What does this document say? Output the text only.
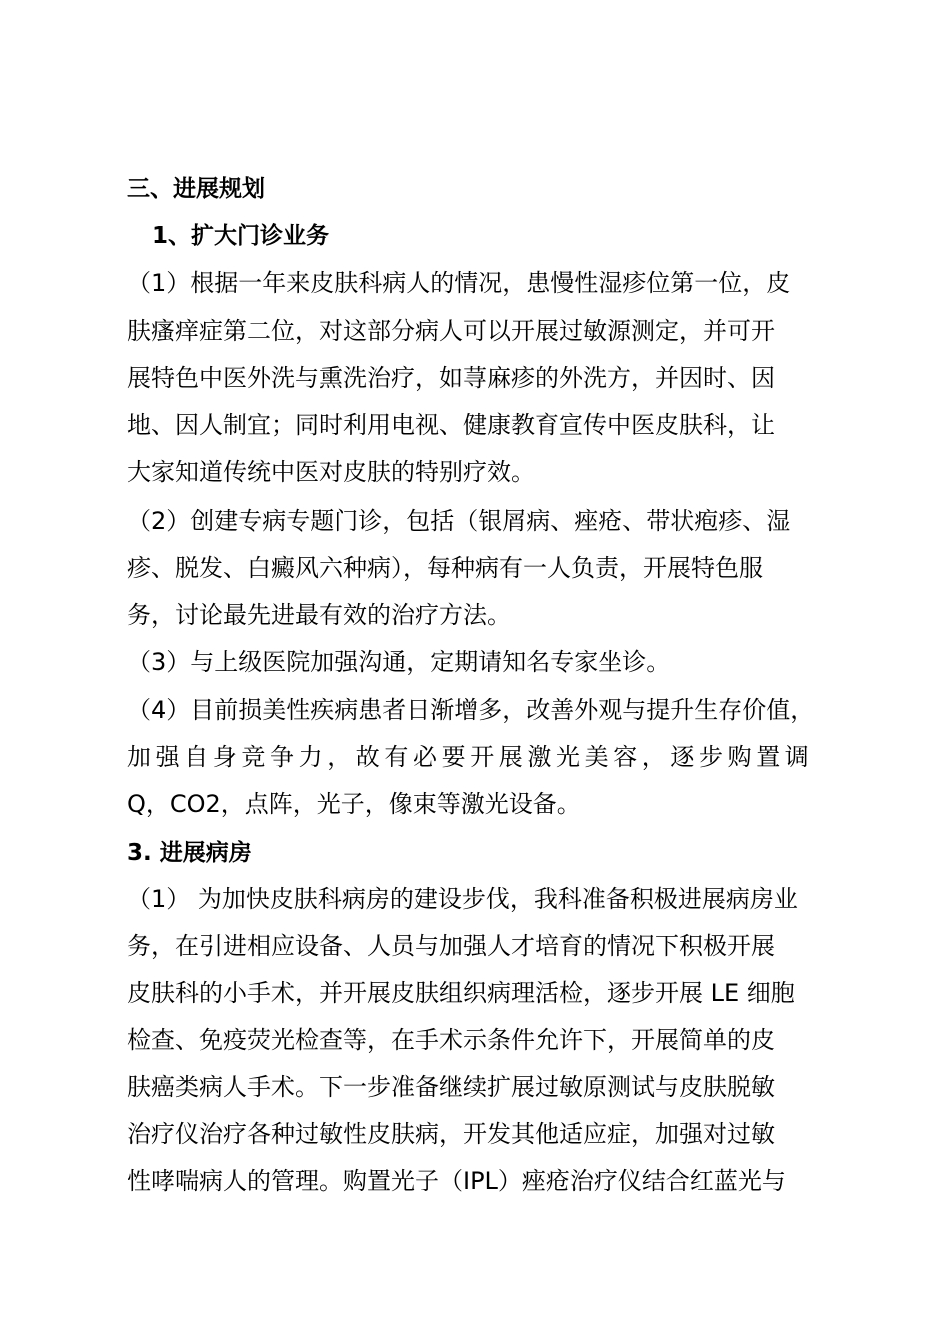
三、进展规划
1、扩大门诊业务
（1）根据一年来皮肤科病人的情况，患慢性湿疹位第一位，皮
肤瘙痒症第二位，对这部分病人可以开展过敏源测定，并可开
展特色中医外洗与熏洗治疗，如荨麻疹的外洗方，并因时、因
地、因人制宜；同时利用电视、健康教育宣传中医皮肤科，让
大家知道传统中医对皮肤的特别疗效。
（2）创建专病专题门诊，包括（银屑病、痤疮、带状疱疹、湿
疹、脱发、白癜风六种病），每种病有一人负责，开展特色服
务，讨论最先进最有效的治疗方法。
（3）与上级医院加强沟通，定期请知名专家坐诊。
（4）目前损美性疾病患者日渐增多，改善外观与提升生存价值，
加强自身竞争力，故有必要开展激光美容，逐步购置调
Q，CO2，点阵，光子，像束等激光设备。
3. 进展病房
（1） 为加快皮肤科病房的建设步伐，我科准备积极进展病房业
务，在引进相应设备、人员与加强人才培育的情况下积极开展
皮肤科的小手术，并开展皮肤组织病理活检，逐步开展 LE 细胞
检查、免疫荧光检查等，在手术示条件允许下，开展简单的皮
肤癌类病人手术。下一步准备继续扩展过敏原测试与皮肤脱敏
治疗仪治疗各种过敏性皮肤病，开发其他适应症，加强对过敏
性哮喘病人的管理。购置光子（IPL）痤疮治疗仪结合红蓝光与
